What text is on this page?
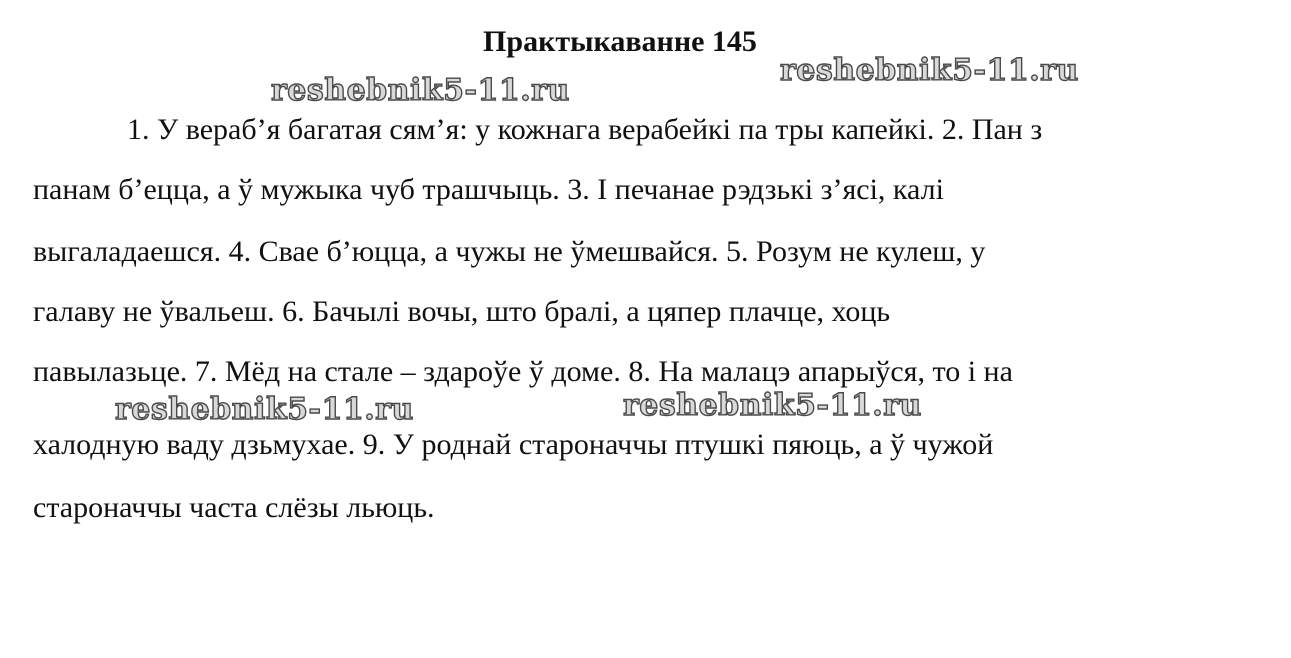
Практыкаванне 145
reshebnik5-11.ru
reshebnik5-11.ru
reshebnik5-11.ru	reshebnik5-11.ru
1. У вераб’я багатая сям’я: у кожнага верабейкі па тры капейкі. 2. Пан з
панам б’ецца, а ў мужыка чуб трашчыць. 3. І печанае рэдзькі з’ясі, калі
выгаладаешся. 4. Свае б’юцца, а чужы не ўмешвайся. 5. Розум не кулеш, у
галаву не ўвальеш. 6. Бачылі вочы, што бралі, а цяпер плачце, хоць
павылазьце. 7. Мёд на стале – здароўе ў доме. 8. На малацэ апарыўся, то і на
халодную ваду дзьмухае. 9. У роднай староначчы птушкі пяюць, а ў чужой
староначчы часта слёзы льюць.
